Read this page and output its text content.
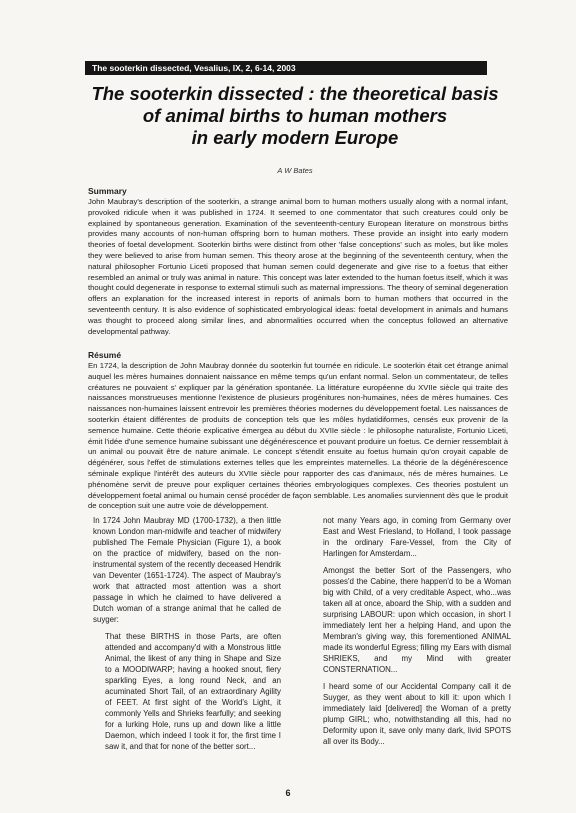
The sooterkin dissected, Vesalius, IX, 2, 6-14, 2003
The sooterkin dissected : the theoretical basis
of animal births to human mothers
in early modern Europe
A W Bates
Summary

John Maubray's description of the sooterkin, a strange animal born to human mothers usually along with a normal infant, provoked ridicule when it was published in 1724. It seemed to one commentator that such creatures could only be explained by spontaneous generation. Examination of the seventeenth-century European literature on monstrous births provides many accounts of non-human offspring born to human mothers. These provide an insight into early modern theories of foetal development. Sooterkin births were distinct from other 'false conceptions' such as moles, but like moles they were believed to arise from human semen. This theory arose at the beginning of the seventeenth century, when the natural philosopher Fortunio Liceti proposed that human semen could degenerate and give rise to a foetus that either resembled an animal or truly was animal in nature. This concept was later extended to the human foetus itself, which it was thought could degenerate in response to external stimuli such as maternal impressions. The theory of seminal degeneration offers an explanation for the increased interest in reports of animals born to human mothers that occurred in the seventeenth century. It is also evidence of sophisticated embryological ideas: foetal development in animals and humans was thought to proceed along similar lines, and abnormalities occurred when the conceptus followed an alternative developmental pathway.

Résumé

En 1724, la description de John Maubray donnée du sooterkin fut tournée en ridicule. Le sooterkin était cet étrange animal auquel les mères humaines donnaient naissance en même temps qu'un enfant normal. Selon un commentateur, de telles créatures ne pouvaient s' expliquer par la génération spontanée. La littérature européenne du XVIIe siècle qui traite des naissances monstrueuses mentionne l'existence de plusieurs progénitures non-humaines, nées de mères humaines. Ces naissances non-humaines laissent entrevoir les premières théories modernes du développement foetal. Les naissances de sooterkin étaient différentes de produits de conception tels que les môles hydatidiformes, censés eux provenir de la semence humaine. Cette théorie explicative émergea au début du XVIIe siècle : le philosophe naturaliste, Fortunio Liceti, émit l'idée d'une semence humaine subissant une dégénérescence et pouvant produire un foetus. Ce dernier ressemblait à un animal ou pouvait être de nature animale. Le concept s'étendit ensuite au foetus humain qu'on croyait capable de dégénérer, sous l'effet de stimulations externes telles que les empreintes maternelles. La théorie de la dégénérescence séminale explique l'intérêt des auteurs du XVIIe siècle pour rapporter des cas d'animaux, nés de mères humaines. Le phénomène servit de preuve pour expliquer certaines théories embryologiques complexes. Ces theories postulent un développement foetal animal ou humain censé procéder de façon semblable. Les anomalies surviennent dès que le produit de conception suit une autre voie de développement.

In 1724 John Maubray MD (1700-1732), a then little known London man-midwife and teacher of midwifery published The Female Physician (Figure 1), a book on the practice of midwifery, based on the non-instrumental system of the recently deceased Hendrik van Deventer (1651-1724). The aspect of Maubray's work that attracted most attention was a short passage in which he claimed to have delivered a Dutch woman of a strange animal that he called de suyger:

That these BIRTHS in those Parts, are often attended and accompany'd with a Monstrous little Animal, the likest of any thing in Shape and Size to a MOODIWARP; having a hooked snout, fiery sparkling Eyes, a long round Neck, and an acuminated Short Tail, of an extraordinary Agility of FEET. At first sight of the World's Light, it commonly Yells and Shrieks fearfully; and seeking for a lurking Hole, runs up and down like a little Daemon, which indeed I took it for, the first time I saw it, and that for none of the better sort...

not many Years ago, in coming from Germany over East and West Friesland, to Holland, I took passage in the ordinary Fare-Vessel, from the City of Harlingen for Amsterdam...

Amongst the better Sort of the Passengers, who posses'd the Cabine, there happen'd to be a Woman big with Child, of a very creditable Aspect, who...was taken all at once, aboard the Ship, with a sudden and surprising LABOUR: upon which occasion, in short I immediately lent her a helping Hand, and upon the Membran's giving way, this forementioned ANIMAL made its wonderful Egress; filling my Ears with dismal SHRIEKS, and my Mind with greater CONSTERNATION...

I heard some of our Accidental Company call it de Suyger, as they went about to kill it: upon which I immediately laid [delivered] the Woman of a pretty plump GIRL; who, notwithstanding all this, had no Deformity upon it, save only many dark, livid SPOTS all over its Body...

6
